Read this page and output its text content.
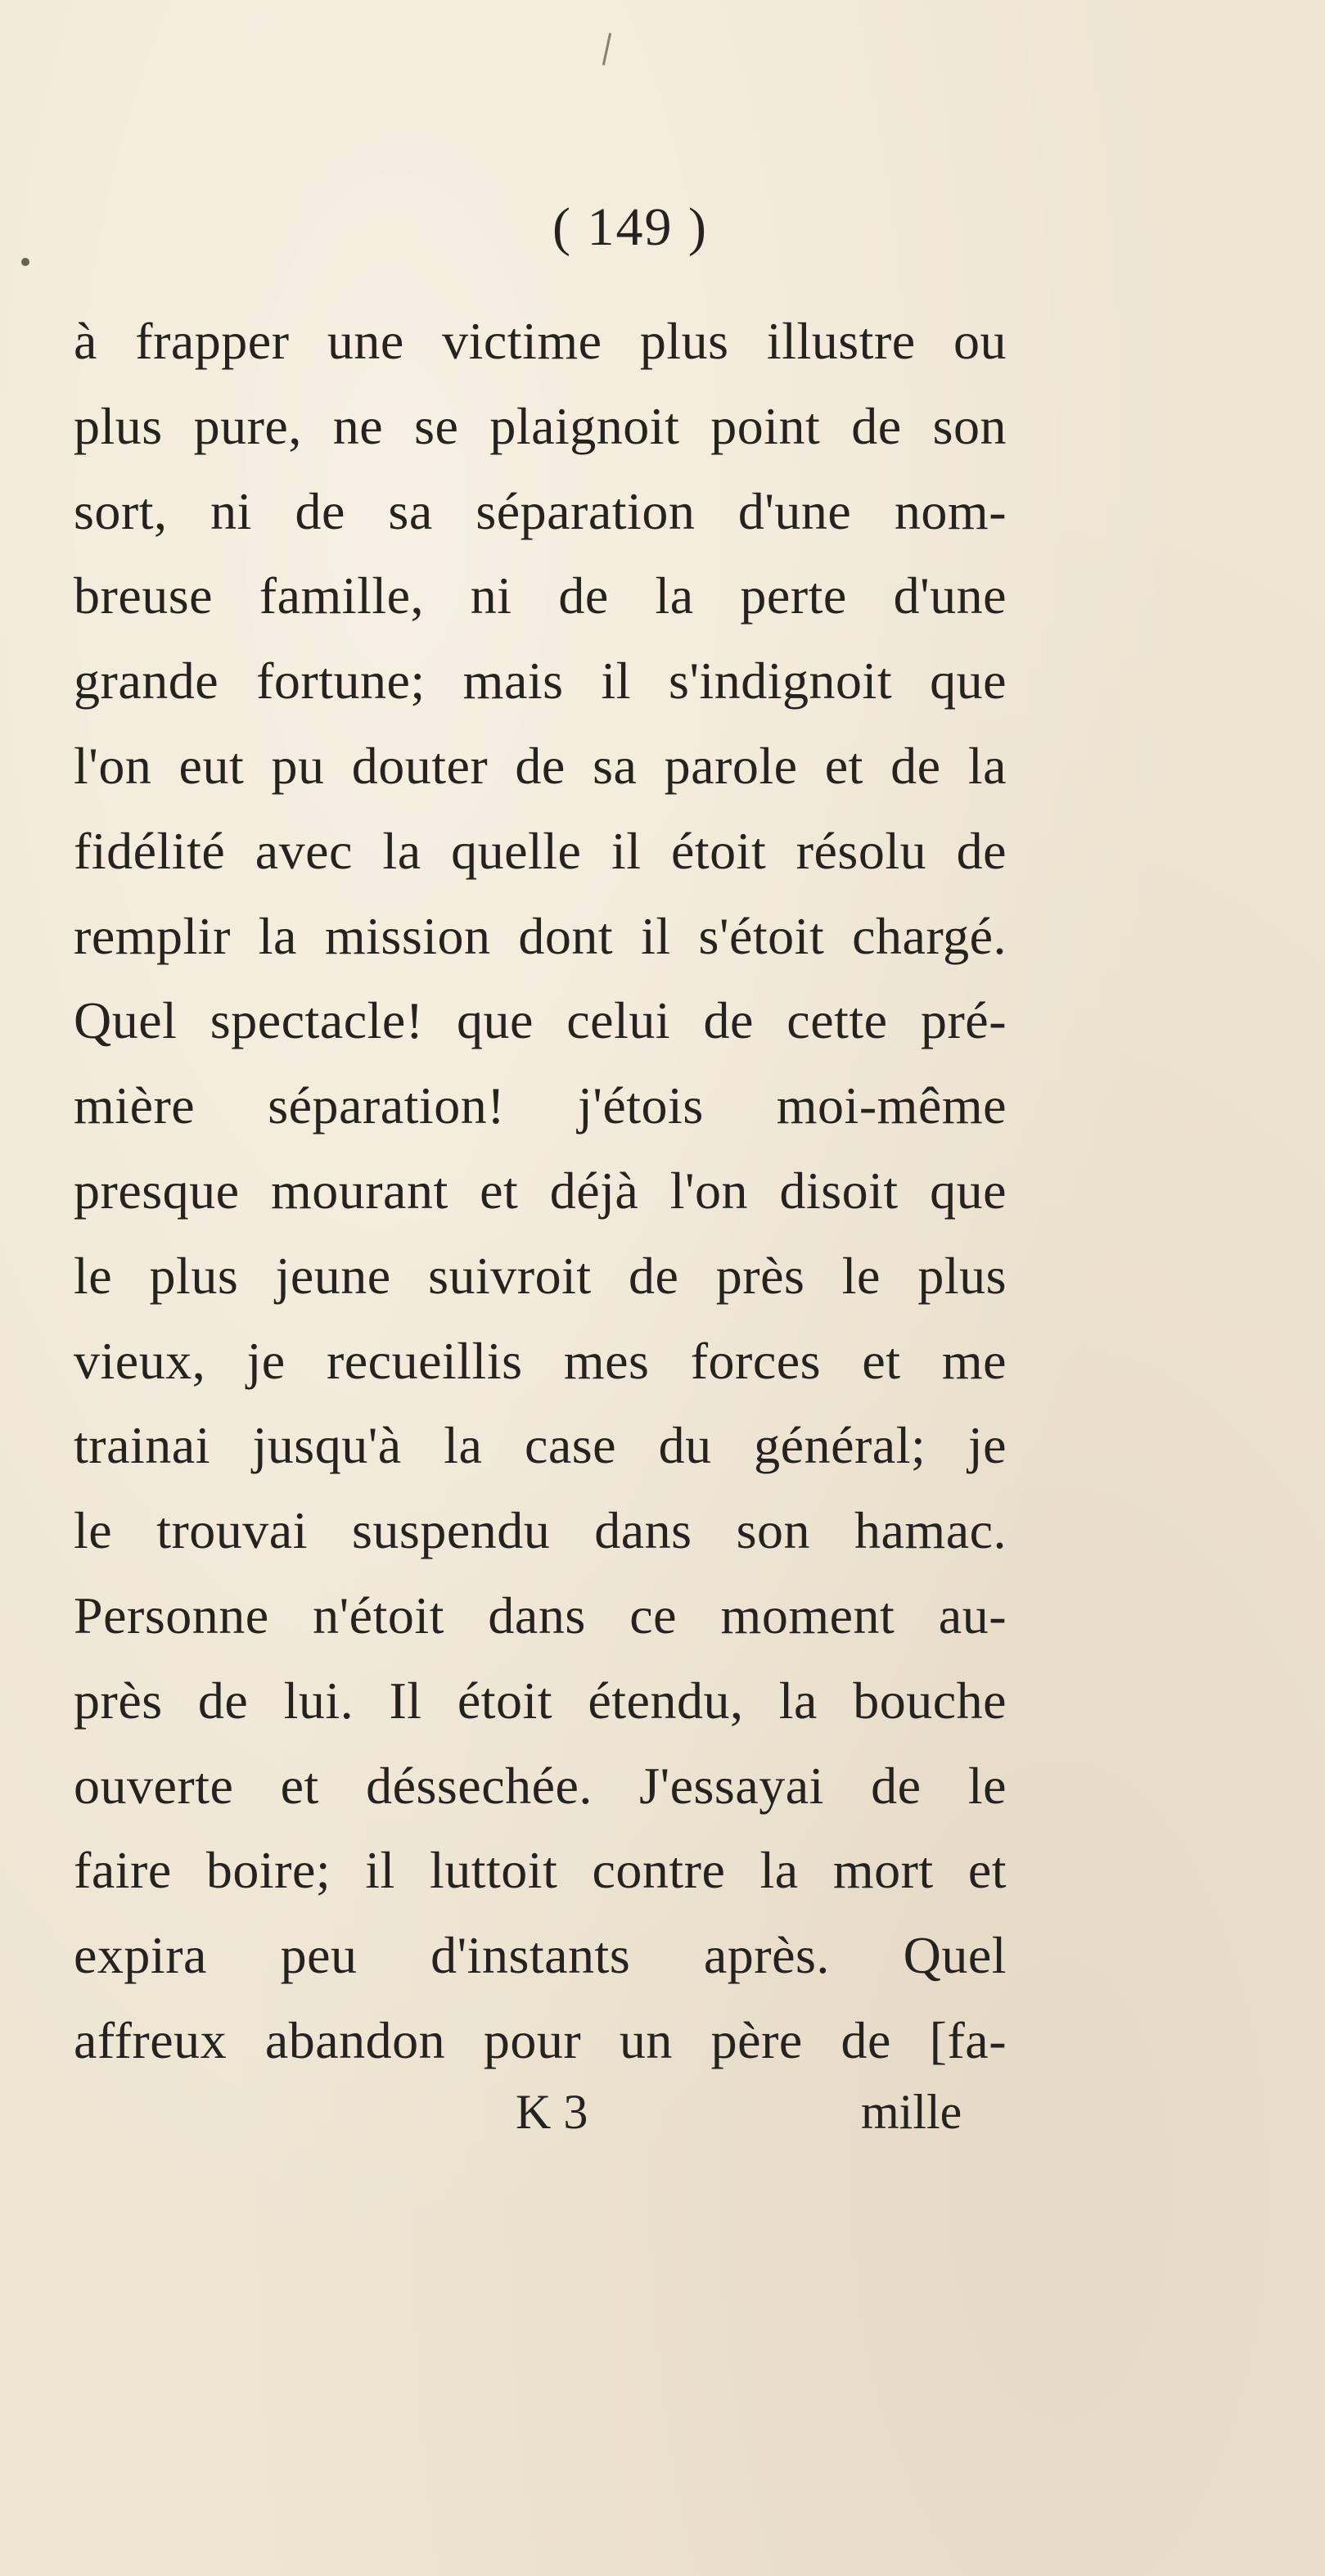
( 149 )
à frapper une victime plus illustre ou
plus pure, ne se plaignoit point de son
sort, ni de sa séparation d'une nom-
breuse famille, ni de la perte d'une
grande fortune; mais il s'indignoit que
l'on eut pu douter de sa parole et de la
fidélité avec la quelle il étoit résolu de
remplir la mission dont il s'étoit chargé.
Quel spectacle! que celui de cette pré-
mière séparation! j'étois moi-même
presque mourant et déjà l'on disoit que
le plus jeune suivroit de près le plus
vieux, je recueillis mes forces et me
trainai jusqu'à la case du général; je
le trouvai suspendu dans son hamac.
Personne n'étoit dans ce moment au-
près de lui. Il étoit étendu, la bouche
ouverte et déssechée. J'essayai de le
faire boire; il luttoit contre la mort et
expira peu d'instants après. Quel
affreux abandon pour un père de [fa-
K 3	mille
